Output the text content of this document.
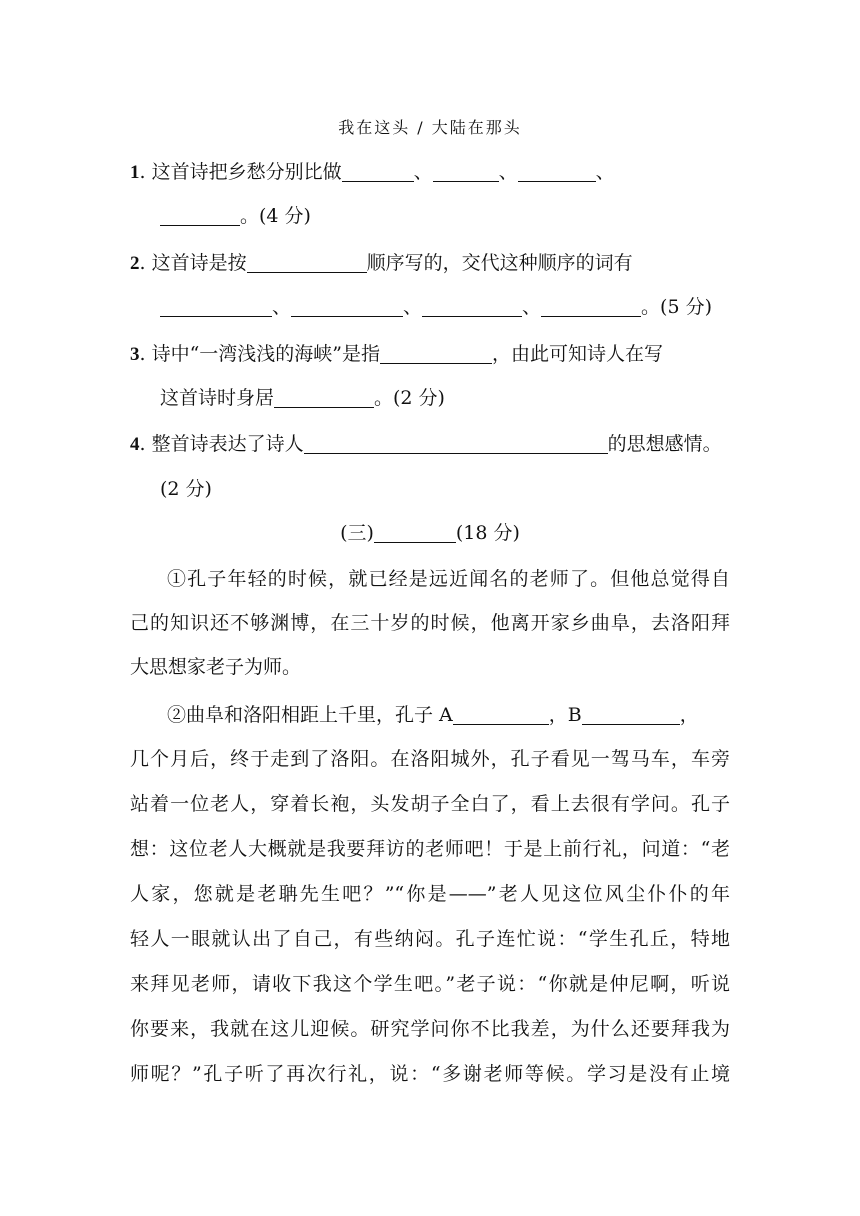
我在这头 / 大陆在那头
1. 这首诗把乡愁分别比做	、	、	、
。(4 分)
2. 这首诗是按	顺序写的，交代这种顺序的词有
、	、	、	。(5 分)
3. 诗中“一湾浅浅的海峡”是指	，由此可知诗人在写
这首诗时身居	。(2 分)
4. 整首诗表达了诗人	的思想感情。
(2 分)
(三)	(18 分)
①孔子年轻的时候，就已经是远近闻名的老师了。但他总觉得自
己的知识还不够渊博，在三十岁的时候，他离开家乡曲阜，去洛阳拜
大思想家老子为师。
②曲阜和洛阳相距上千里，孔子 A	，B	，
几个月后，终于走到了洛阳。在洛阳城外，孔子看见一驾马车，车旁
站着一位老人，穿着长袍，头发胡子全白了，看上去很有学问。孔子
想：这位老人大概就是我要拜访的老师吧！于是上前行礼，问道：“老
人家，您就是老聃先生吧？”“你是——”老人见这位风尘仆仆的年
轻人一眼就认出了自己，有些纳闷。孔子连忙说：“学生孔丘，特地
来拜见老师，请收下我这个学生吧。”老子说：“你就是仲尼啊，听说
你要来，我就在这儿迎候。研究学问你不比我差，为什么还要拜我为
师呢？”孔子听了再次行礼，说：“多谢老师等候。学习是没有止境
